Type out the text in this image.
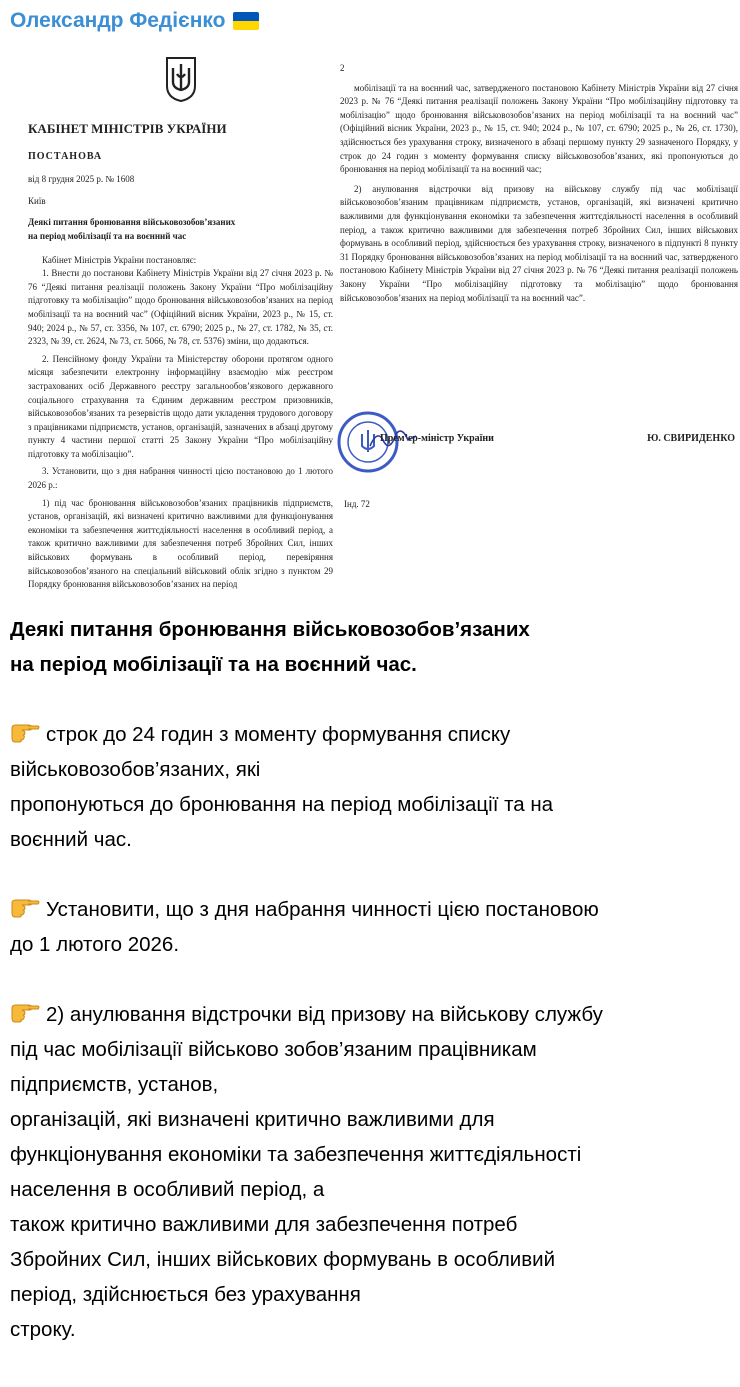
Олександр Федієнко

КАБІНЕТ МІНІСТРІВ УКРАЇНИ

ПОСТАНОВА

від 8 грудня 2025 р. № 1608

Київ

Деякі питання бронювання військовозобов’язаних

на період мобілізації та на воєнний час

Кабінет Міністрів України постановляє:

1. Внести до постанови Кабінету Міністрів України від 27 січня 2023 р. № 76 “Деякі питання реалізації положень Закону України “Про мобілізаційну підготовку та мобілізацію” щодо бронювання військовозобов’язаних на період мобілізації та на воєнний час” (Офіційний вісник України, 2023 р., № 15, ст. 940; 2024 р., № 57, ст. 3356, № 107, ст. 6790; 2025 р., № 27, ст. 1782, № 35, ст. 2323, № 39, ст. 2624, № 73, ст. 5066, № 78, ст. 5376) зміни, що додаються.

2. Пенсійному фонду України та Міністерству оборони протягом одного місяця забезпечити електронну інформаційну взаємодію між реєстром застрахованих осіб Державного реєстру загальнообов’язкового державного соціального страхування та Єдиним державним реєстром призовників, військовозобов’язаних та резервістів щодо дати укладення трудового договору з працівниками підприємств, установ, організацій, зазначених в абзаці другому пункту 4 частини першої статті 25 Закону України “Про мобілізаційну підготовку та мобілізацію”.

3. Установити, що з дня набрання чинності цією постановою до 1 лютого 2026 р.:

1) під час бронювання військовозобов’язаних працівників підприємств, установ, організацій, які визначені критично важливими для функціонування економіки та забезпечення життєдіяльності населення в особливий період, а також критично важливими для забезпечення потреб Збройних Сил, інших військових формувань в особливий період, перевіряння військовозобов’язаного на спеціальний військовий облік згідно з пунктом 29 Порядку бронювання військовозобов’язаних на період

2

мобілізації та на воєнний час, затвердженого постановою Кабінету Міністрів України від 27 січня 2023 р. № 76 “Деякі питання реалізації положень Закону України “Про мобілізаційну підготовку та мобілізацію” щодо бронювання військовозобов’язаних на період мобілізації та на воєнний час” (Офіційний вісник України, 2023 р., № 15, ст. 940; 2024 р., № 107, ст. 6790; 2025 р., № 26, ст. 1730), здійснюється без урахування строку, визначеного в абзаці першому пункту 29 зазначеного Порядку, у строк до 24 годин з моменту формування списку військовозобов’язаних, які пропонуються до бронювання на період мобілізації та на воєнний час;

2) анулювання відстрочки від призову на військову службу під час мобілізації військовозобов’язаним працівникам підприємств, установ, організацій, які визначені критично важливими для функціонування економіки та забезпечення життєдіяльності населення в особливий період, а також критично важливими для забезпечення потреб Збройних Сил, інших військових формувань в особливий період, здійснюється без урахування строку, визначеного в підпункті 8 пункту 31 Порядку бронювання військовозобов’язаних на період мобілізації та на воєнний час, затвердженого постановою Кабінету Міністрів України від 27 січня 2023 р. № 76 “Деякі питання реалізації положень Закону України “Про мобілізаційну підготовку та мобілізацію” щодо бронювання військовозобов’язаних на період мобілізації та на воєнний час”.

Прем’єр-міністр України	Ю. СВИРИДЕНКО

Інд. 72

Деякі питання бронювання військовозобов’язаних

на період мобілізації та на воєнний час.

строк до 24 годин з моменту формування списку

військовозобов’язаних, які

пропонуються до бронювання на період мобілізації та на

воєнний час.

Установити, що з дня набрання чинності цією постановою

до 1 лютого 2026.

2) анулювання відстрочки від призову на військову службу

під час мобілізації військово зобов’язаним працівникам

підприємств, установ,

організацій, які визначені критично важливими для

функціонування економіки та забезпечення життєдіяльності

населення в особливий період, а

також критично важливими для забезпечення потреб

Збройних Сил, інших військових формувань в особливий

період, здійснюється без урахування

строку.
